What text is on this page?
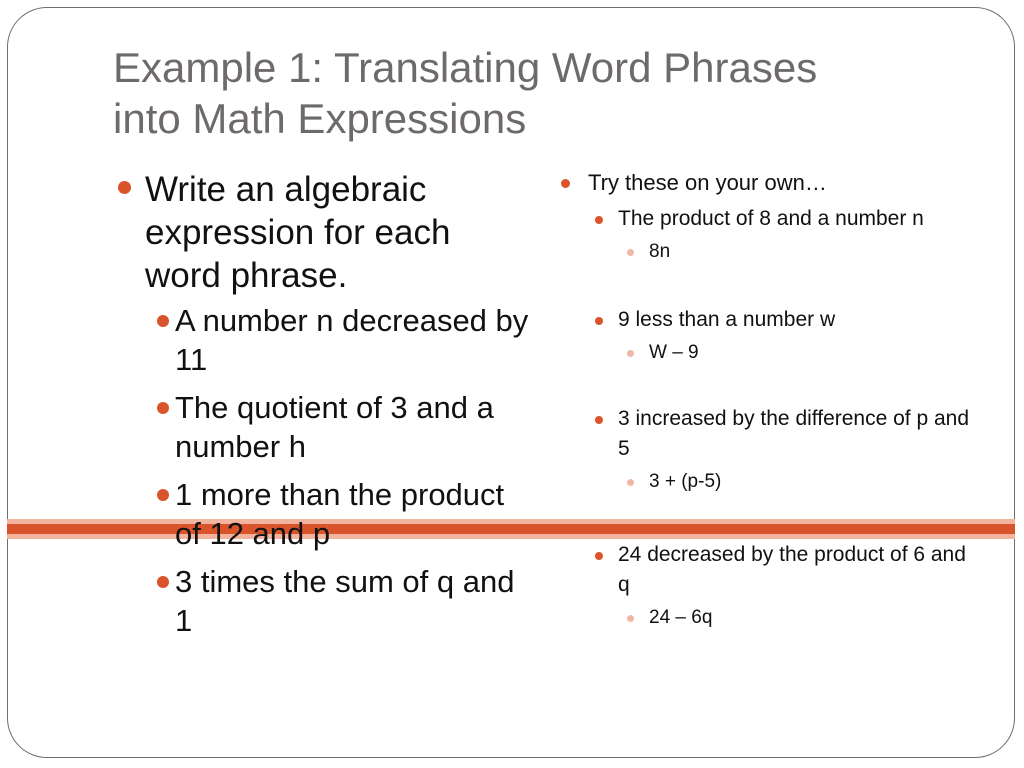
Example 1: Translating Word Phrases
into Math Expressions
Write an algebraic expression for each word phrase.
A number n decreased by 11
The quotient of 3 and a number h
1 more than the product of 12 and p
3 times the sum of q and 1
Try these on your own…
The product of 8 and a number n
8n
9 less than a number w
W – 9
3 increased by the difference of p and 5
3 + (p-5)
24 decreased by the product of 6 and q
24 – 6q
